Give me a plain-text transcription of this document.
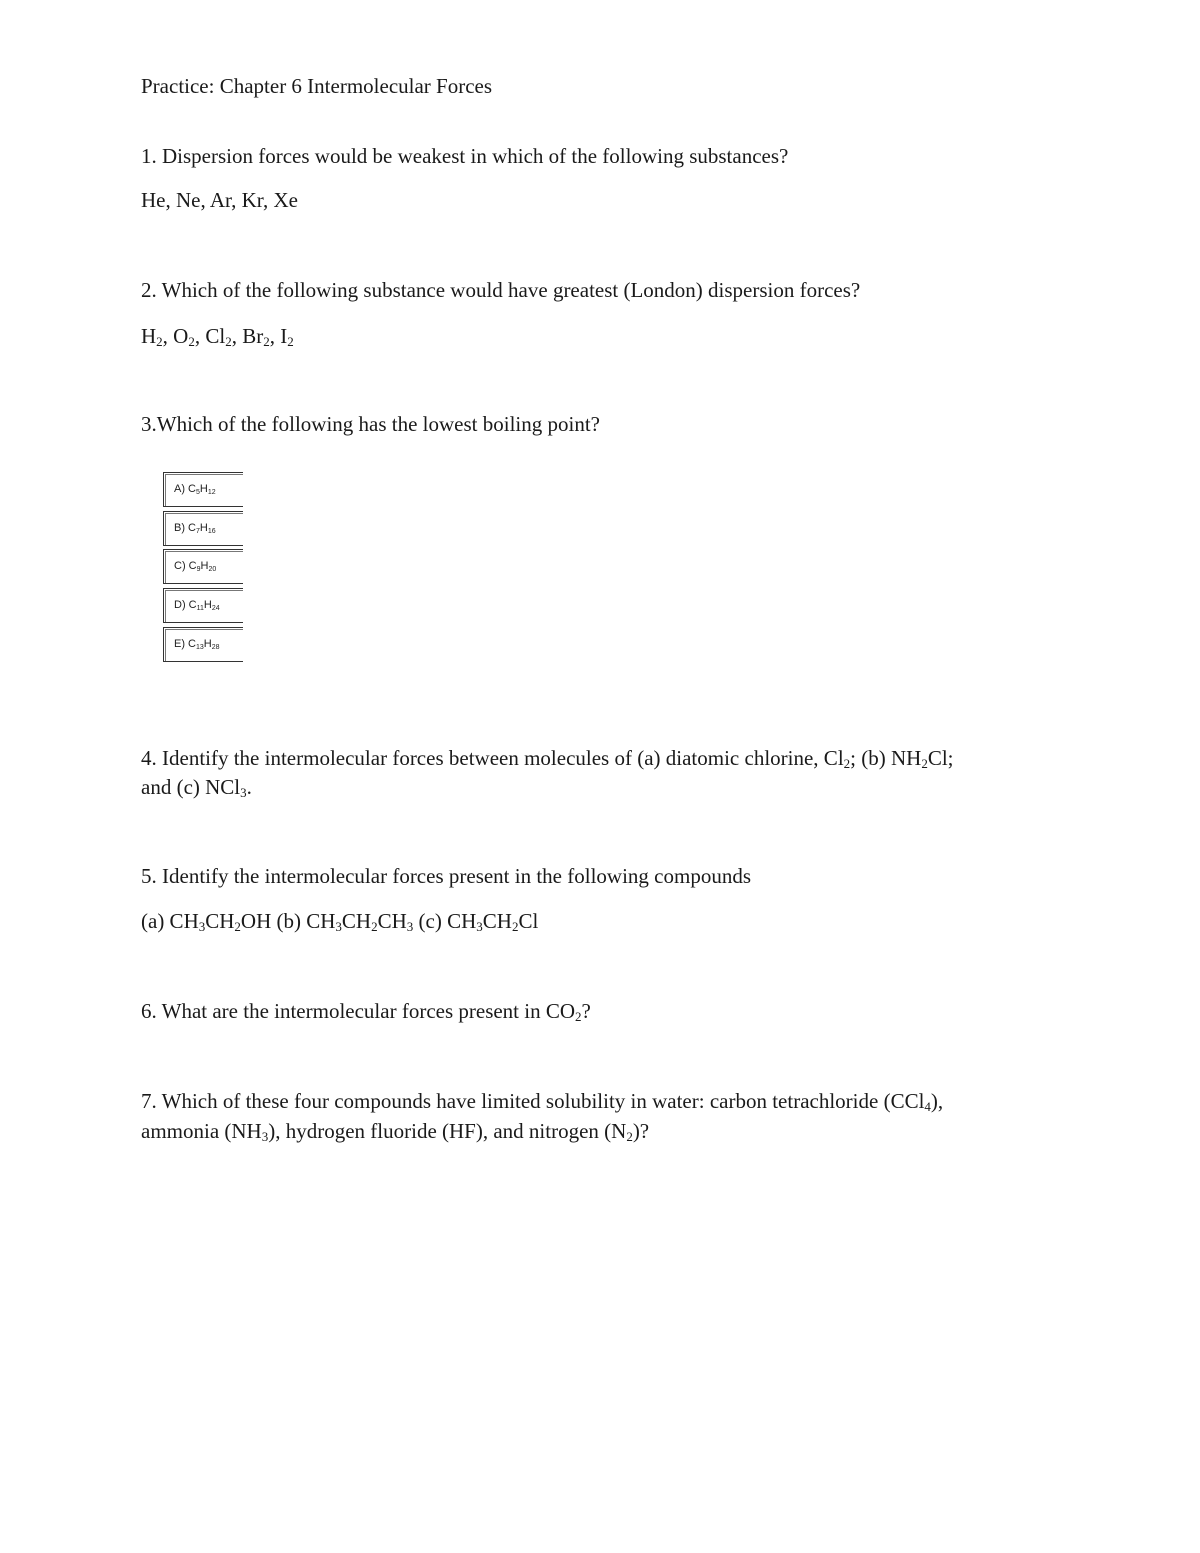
Practice: Chapter 6 Intermolecular Forces
1. Dispersion forces would be weakest in which of the following substances?
He, Ne, Ar, Kr, Xe
2. Which of the following substance would have greatest (London) dispersion forces?
$H_2$, $O_2$, $Cl_2$, $Br_2$, $I_2$
3.Which of the following has the lowest boiling point?
A) $C_5H_{12}$
B) $C_7H_{16}$
C) $C_9H_{20}$
D) $C_{11}H_{24}$
E) $C_{13}H_{28}$
4. Identify the intermolecular forces between molecules of (a) diatomic chlorine, $Cl_2$; (b) $NH_2Cl$;
and (c) NCl$_3$.
5. Identify the intermolecular forces present in the following compounds
(a) $CH_3CH_2OH$ (b) $CH_3CH_2CH_3$ (c) $CH_3CH_2Cl$
6. What are the intermolecular forces present in $CO_2$?
7. Which of these four compounds have limited solubility in water: carbon tetrachloride (CCl$_4$),
ammonia $(NH_3)$, hydrogen fluoride (HF), and nitrogen $(N_2)$?
